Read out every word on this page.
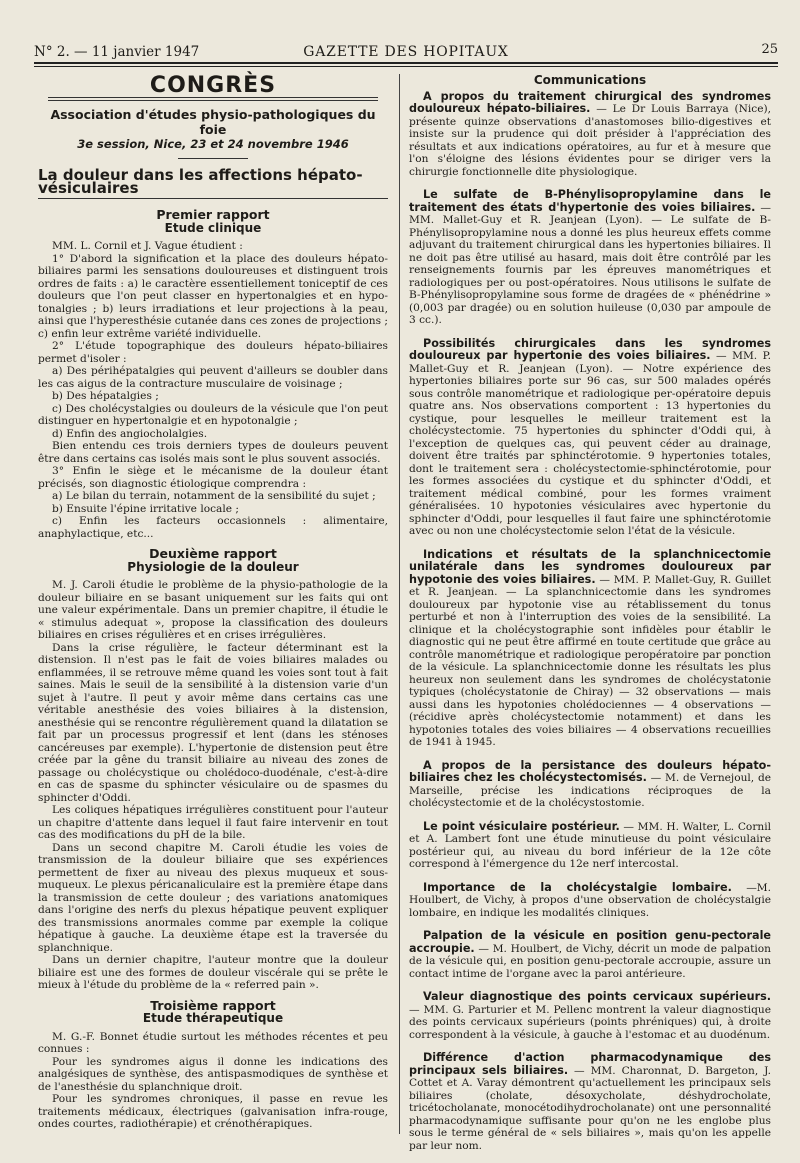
N° 2. — 11 janvier 1947	GAZETTE DES HOPITAUX	25
CONGRÈS
Association d'études physio-pathologiques du foie
3e session, Nice, 23 et 24 novembre 1946
La douleur dans les affections hépato-vésiculaires
Premier rapport
Etude clinique

MM. L. Cornil et J. Vague étudient :

1° D'abord la signification et la place des douleurs hépato-biliaires parmi les sensations douloureuses et distinguent trois ordres de faits : a) le caractère essentiellement toniceptif de ces douleurs que l'on peut classer en hypertonalgies et en hypo-tonalgies ; b) leurs irradiations et leur projections à la peau, ainsi que l'hyperesthésie cutanée dans ces zones de projections ; c) enfin leur extrême variété individuelle.

2° L'étude topographique des douleurs hépato-biliaires permet d'isoler :

a) Des périhépatalgies qui peuvent d'ailleurs se doubler dans les cas aigus de la contracture musculaire de voisinage ;

b) Des hépatalgies ;

c) Des cholécystalgies ou douleurs de la vésicule que l'on peut distinguer en hypertonalgie et en hypotonalgie ;

d) Enfin des angiocholalgies.

Bien entendu ces trois derniers types de douleurs peuvent être dans certains cas isolés mais sont le plus souvent associés.

3° Enfin le siège et le mécanisme de la douleur étant précisés, son diagnostic étiologique comprendra :

a) Le bilan du terrain, notamment de la sensibilité du sujet ;

b) Ensuite l'épine irritative locale ;

c) Enfin les facteurs occasionnels : alimentaire, anaphylactique, etc...

Deuxième rapport
Physiologie de la douleur

M. J. Caroli étudie le problème de la physio-pathologie de la douleur biliaire en se basant uniquement sur les faits qui ont une valeur expérimentale. Dans un premier chapitre, il étudie le « stimulus adequat », propose la classification des douleurs biliaires en crises régulières et en crises irrégulières.

Dans la crise régulière, le facteur déterminant est la distension. Il n'est pas le fait de voies biliaires malades ou enflammées, il se retrouve même quand les voies sont tout à fait saines. Mais le seuil de la sensibilité à la distension varie d'un sujet à l'autre. Il peut y avoir même dans certains cas une véritable anesthésie des voies biliaires à la distension, anesthésie qui se rencontre régulièrement quand la dilatation se fait par un processus progressif et lent (dans les sténoses cancéreuses par exemple). L'hypertonie de distension peut être créée par la gêne du transit biliaire au niveau des zones de passage ou cholécystique ou cholédoco-duodénale, c'est-à-dire en cas de spasme du sphincter vésiculaire ou de spasmes du sphincter d'Oddi.

Les coliques hépatiques irrégulières constituent pour l'auteur un chapitre d'attente dans lequel il faut faire intervenir en tout cas des modifications du pH de la bile.

Dans un second chapitre M. Caroli étudie les voies de transmission de la douleur biliaire que ses expériences permettent de fixer au niveau des plexus muqueux et sous-muqueux. Le plexus péricanaliculaire est la première étape dans la transmission de cette douleur ; des variations anatomiques dans l'origine des nerfs du plexus hépatique peuvent expliquer des transmissions anormales comme par exemple la colique hépatique à gauche. La deuxième étape est la traversée du splanchnique.

Dans un dernier chapitre, l'auteur montre que la douleur biliaire est une des formes de douleur viscérale qui se prête le mieux à l'étude du problème de la « referred pain ».

Troisième rapport
Etude thérapeutique

M. G.-F. Bonnet étudie surtout les méthodes récentes et peu connues :

Pour les syndromes aigus il donne les indications des analgésiques de synthèse, des antispasmodiques de synthèse et de l'anesthésie du splanchnique droit.

Pour les syndromes chroniques, il passe en revue les traitements médicaux, électriques (galvanisation infra-rouge, ondes courtes, radiothérapie) et crénothérapiques.

Communications

A propos du traitement chirurgical des syndromes douloureux hépato-biliaires. — Le Dr Louis Barraya (Nice), présente quinze observations d'anastomoses bilio-digestives et insiste sur la prudence qui doit présider à l'appréciation des résultats et aux indications opératoires, au fur et à mesure que l'on s'éloigne des lésions évidentes pour se diriger vers la chirurgie fonctionnelle dite physiologique.

Le sulfate de B-Phénylisopropylamine dans le traitement des états d'hypertonie des voies biliaires. — MM. Mallet-Guy et R. Jeanjean (Lyon). — Le sulfate de B-Phénylisopropylamine nous a donné les plus heureux effets comme adjuvant du traitement chirurgical dans les hypertonies biliaires. Il ne doit pas être utilisé au hasard, mais doit être contrôlé par les renseignements fournis par les épreuves manométriques et radiologiques per ou post-opératoires. Nous utilisons le sulfate de B-Phénylisopropylamine sous forme de dragées de « phénédrine » (0,003 par dragée) ou en solution huileuse (0,030 par ampoule de 3 cc.).

Possibilités chirurgicales dans les syndromes douloureux par hypertonie des voies biliaires. — MM. P. Mallet-Guy et R. Jeanjean (Lyon). — Notre expérience des hypertonies biliaires porte sur 96 cas, sur 500 malades opérés sous contrôle manométrique et radiologique per-opératoire depuis quatre ans. Nos observations comportent : 13 hypertonies du cystique, pour lesquelles le meilleur traitement est la cholécystectomie. 75 hypertonies du sphincter d'Oddi qui, à l'exception de quelques cas, qui peuvent céder au drainage, doivent être traités par sphinctérotomie. 9 hypertonies totales, dont le traitement sera : cholécystectomie-sphinctérotomie, pour les formes associées du cystique et du sphincter d'Oddi, et traitement médical combiné, pour les formes vraiment généralisées. 10 hypotonies vésiculaires avec hypertonie du sphincter d'Oddi, pour lesquelles il faut faire une sphinctérotomie avec ou non une cholécystectomie selon l'état de la vésicule.

Indications et résultats de la splanchnicectomie unilatérale dans les syndromes douloureux par hypotonie des voies biliaires. — MM. P. Mallet-Guy, R. Guillet et R. Jeanjean. — La splanchnicectomie dans les syndromes douloureux par hypotonie vise au rétablissement du tonus perturbé et non à l'interruption des voies de la sensibilité. La clinique et la cholécystographie sont infidèles pour établir le diagnostic qui ne peut être affirmé en toute certitude que grâce au contrôle manométrique et radiologique peropératoire par ponction de la vésicule. La splanchnicectomie donne les résultats les plus heureux non seulement dans les syndromes de cholécystatonie typiques (cholécystatonie de Chiray) — 32 observations — mais aussi dans les hypotonies cholédociennes — 4 observations — (récidive après cholécystectomie notamment) et dans les hypotonies totales des voies biliaires — 4 observations recueillies de 1941 à 1945.

A propos de la persistance des douleurs hépato-biliaires chez les cholécystectomisés. — M. de Vernejoul, de Marseille, précise les indications réciproques de la cholécystectomie et de la cholécystostomie.

Le point vésiculaire postérieur. — MM. H. Walter, L. Cornil et A. Lambert font une étude minutieuse du point vésiculaire postérieur qui, au niveau du bord inférieur de la 12e côte correspond à l'émergence du 12e nerf intercostal.

Importance de la cholécystalgie lombaire. —M. Houlbert, de Vichy, à propos d'une observation de cholécystalgie lombaire, en indique les modalités cliniques.

Palpation de la vésicule en position genu-pectorale accroupie. — M. Houlbert, de Vichy, décrit un mode de palpation de la vésicule qui, en position genu-pectorale accroupie, assure un contact intime de l'organe avec la paroi antérieure.

Valeur diagnostique des points cervicaux supérieurs. — MM. G. Parturier et M. Pellenc montrent la valeur diagnostique des points cervicaux supérieurs (points phréniques) qui, à droite correspondent à la vésicule, à gauche à l'estomac et au duodénum.

Différence d'action pharmacodynamique des principaux sels biliaires. — MM. Charonnat, D. Bargeton, J. Cottet et A. Varay démontrent qu'actuellement les principaux sels biliaires (cholate, désoxycholate, déshydrocholate, tricétocholanate, monocétodihydrocholanate) ont une personnalité pharmacodynamique suffisante pour qu'on ne les englobe plus sous le terme général de « sels biliaires », mais qu'on les appelle par leur nom.
